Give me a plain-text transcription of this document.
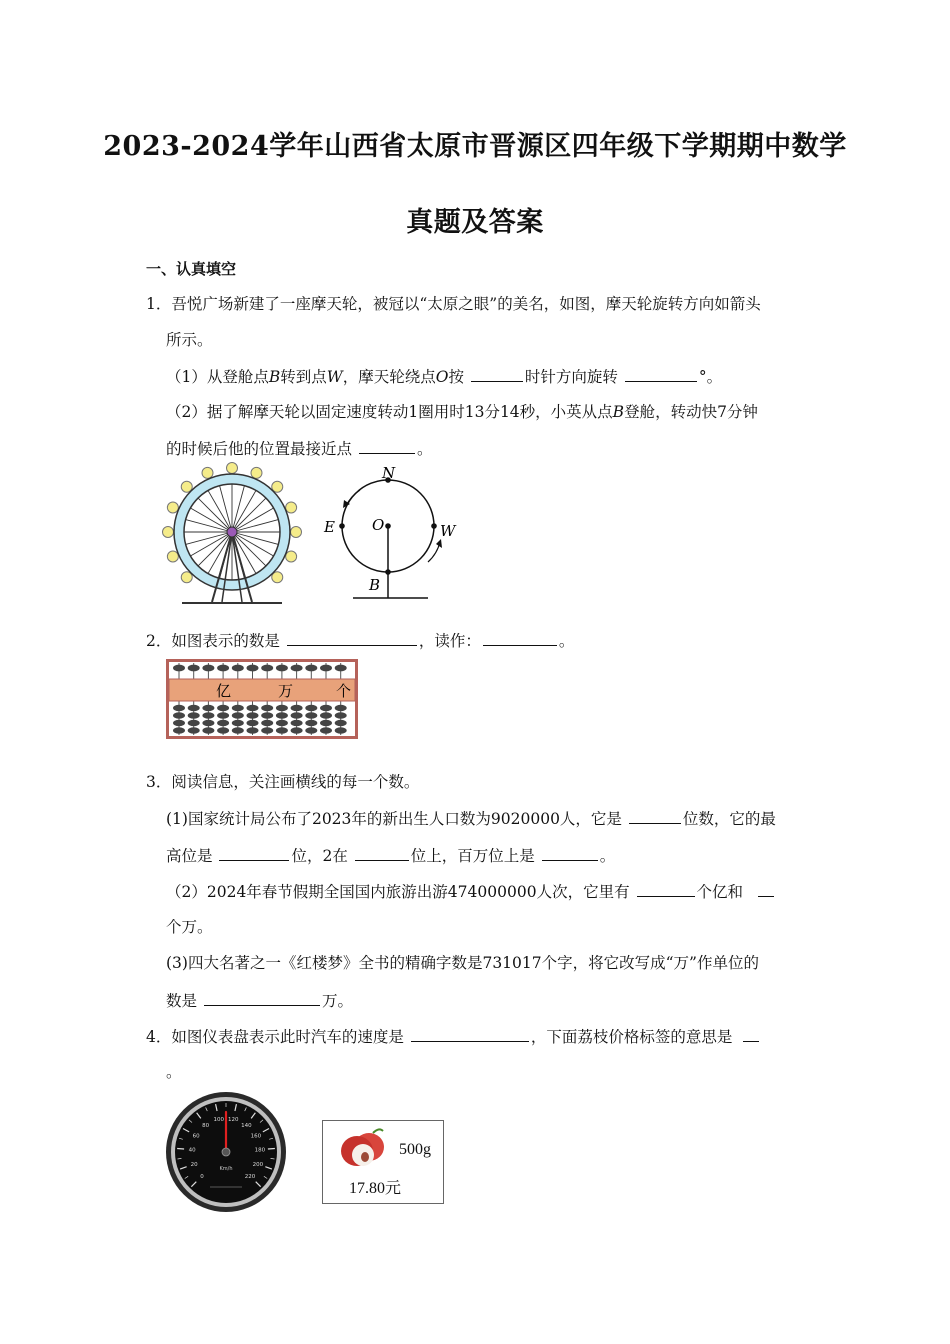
2023-2024学年山西省太原市晋源区四年级下学期期中数学
真题及答案
一、认真填空
1．吾悦广场新建了一座摩天轮，被冠以“太原之眼”的美名，如图，摩天轮旋转方向如箭头
所示。
（1）从登舱点B转到点W，摩天轮绕点O按	时针方向旋转	°。
（2）据了解摩天轮以固定速度转动1圈用时13分14秒，小英从点B登舱，转动快7分钟
的时候后他的位置最接近点	。
N
E O	W
B
2．如图表示的数是	，读作：	。
亿	万	个
3．阅读信息，关注画横线的每一个数。
(1)国家统计局公布了2023年的新出生人口数为9020000人，它是	位数，它的最
高位是	位，2在	位上，百万位上是	。
（2）2024年春节假期全国国内旅游出游474000000人次，它里有	个亿和
个万。
(3)四大名著之一《红楼梦》全书的精确字数是731017个字，将它改写成“万”作单位的
数是	万。
4．如图仪表盘表示此时汽车的速度是	，下面荔枝价格标签的意思是
。
0
20
40
60
80
100 120
140
160
180
200
220
Km/h
500g
17.80元
